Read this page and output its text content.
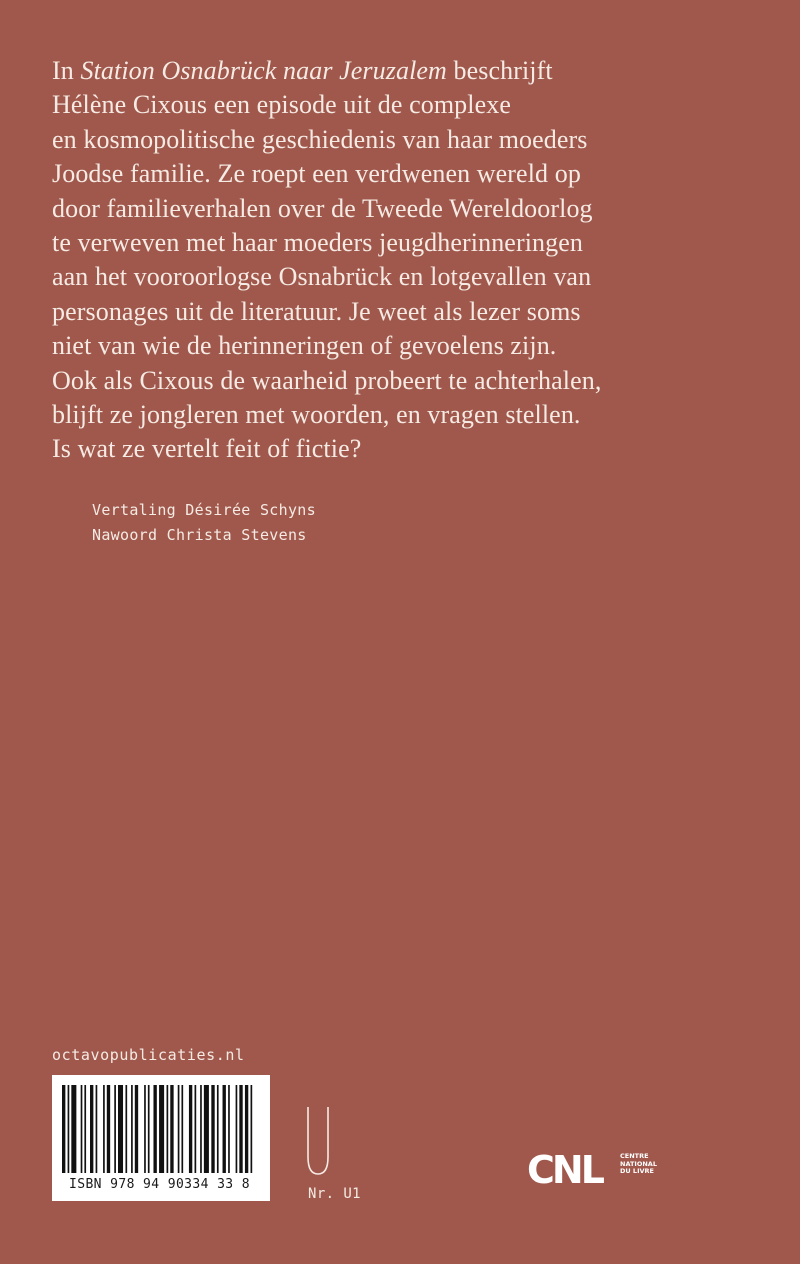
In Station Osnabrück naar Jeruzalem beschrijft
Hélène Cixous een episode uit de complexe
en kosmopolitische geschiedenis van haar moeders
Joodse familie. Ze roept een verdwenen wereld op
door familieverhalen over de Tweede Wereldoorlog
te verweven met haar moeders jeugdherinneringen
aan het vooroorlogse Osnabrück en lotgevallen van
personages uit de literatuur. Je weet als lezer soms
niet van wie de herinneringen of gevoelens zijn.
Ook als Cixous de waarheid probeert te achterhalen,
blijft ze jongleren met woorden, en vragen stellen.
Is wat ze vertelt feit of fictie?
Vertaling Désirée Schyns
Nawoord Christa Stevens
octavopublicaties.nl
ISBN 978 94 90334 33 8
Nr. U1
CNL	CENTRE
NATIONAL
DU LIVRE
